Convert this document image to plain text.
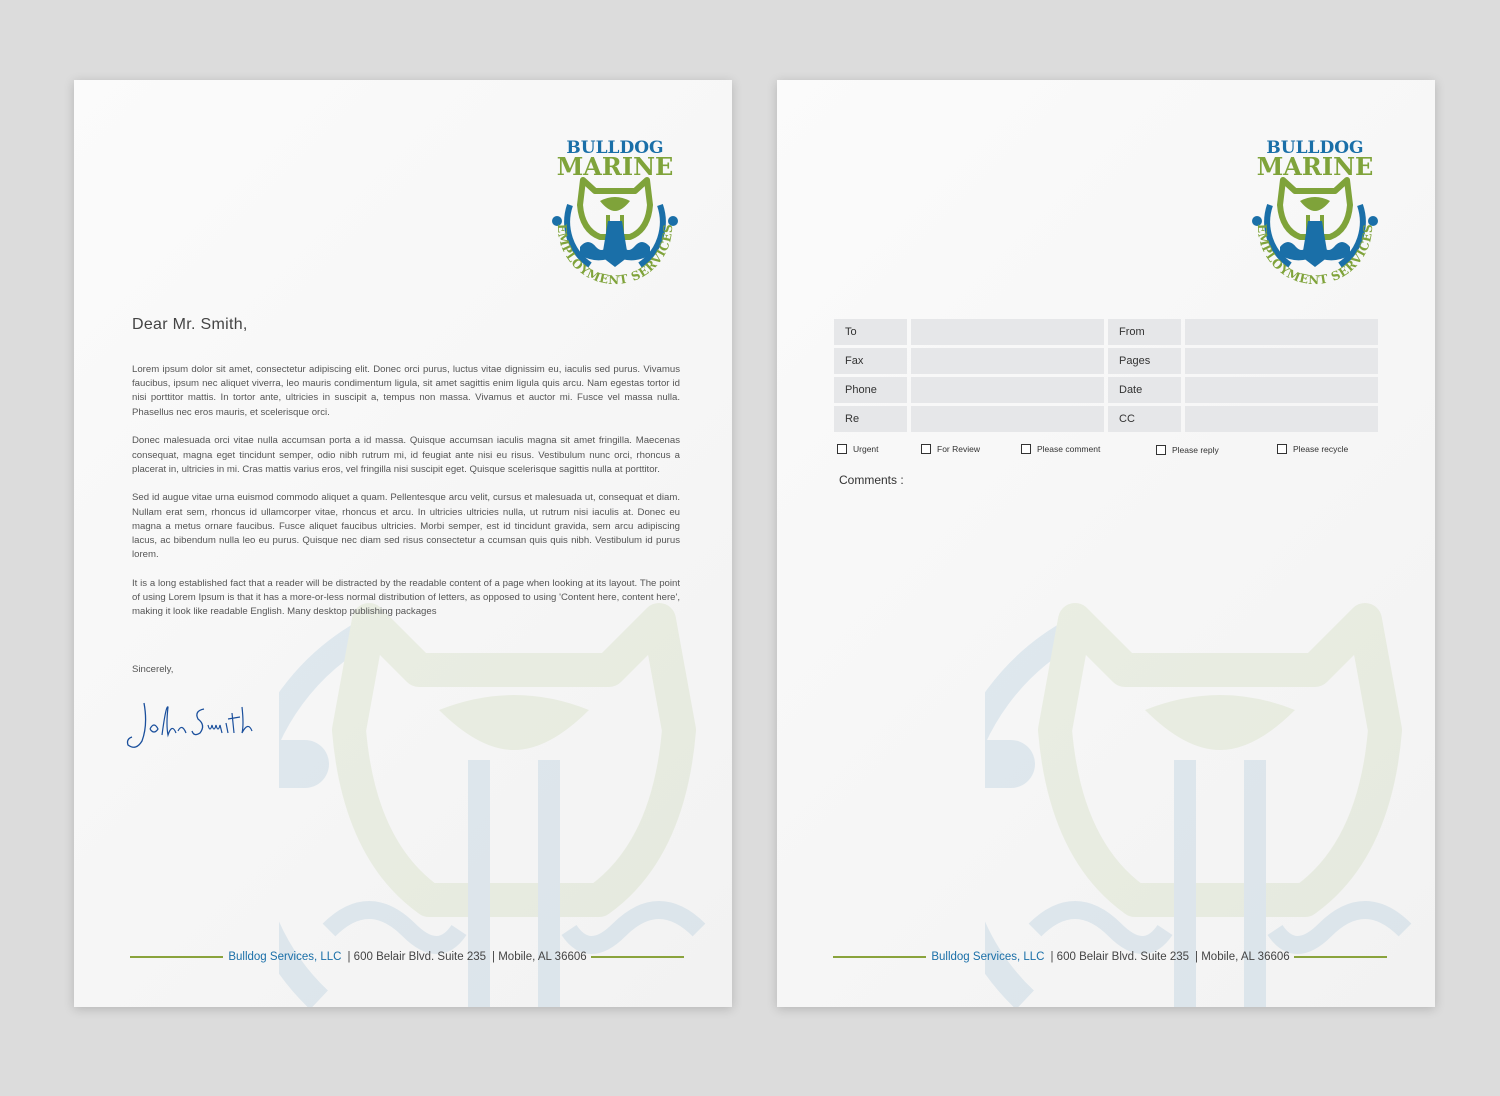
Dear Mr. Smith,

Lorem ipsum dolor sit amet, consectetur adipiscing elit. Donec orci purus, luctus vitae dignissim eu, iaculis sed purus. Vivamus faucibus, ipsum nec aliquet viverra, leo mauris condimentum ligula, sit amet sagittis enim ligula quis arcu. Nam egestas tortor id nisi porttitor mattis. In tortor ante, ultricies in suscipit a, tempus non massa. Vivamus et auctor mi. Fusce vel massa nulla. Phasellus nec eros mauris, et scelerisque orci.

Donec malesuada orci vitae nulla accumsan porta a id massa. Quisque accumsan iaculis magna sit amet fringilla. Maecenas consequat, magna eget tincidunt semper, odio nibh rutrum mi, id feugiat ante nisi eu risus. Vestibulum nunc orci, rhoncus a placerat in, ultricies in mi. Cras mattis varius eros, vel fringilla nisi suscipit eget. Quisque scelerisque sagittis nulla at porttitor.

Sed id augue vitae urna euismod commodo aliquet a quam. Pellentesque arcu velit, cursus et malesuada ut, consequat et diam. Nullam erat sem, rhoncus id ullamcorper vitae, rhoncus et arcu. In ultricies ultricies nulla, ut rutrum nisi iaculis at. Donec eu magna a metus ornare faucibus. Fusce aliquet faucibus ultricies. Morbi semper, est id tincidunt gravida, sem arcu adipiscing lacus, ac bibendum nulla leo eu purus. Quisque nec diam sed risus consectetur a ccumsan quis quis nibh. Vestibulum id purus lorem.

It is a long established fact that a reader will be distracted by the readable content of a page when looking at its layout. The point of using Lorem Ipsum is that it has a more-or-less normal distribution of letters, as opposed to using 'Content here, content here', making it look like readable English. Many desktop publishing packages

Sincerely,
Bulldog Services, LLC | 600 Belair Blvd. Suite 235 | Mobile, AL 36606
To	From
Fax	Pages
Phone	Date
Re	CC
Urgent	For Review	Please comment	Please reply	Please recycle
Comments :
Bulldog Services, LLC | 600 Belair Blvd. Suite 235 | Mobile, AL 36606
